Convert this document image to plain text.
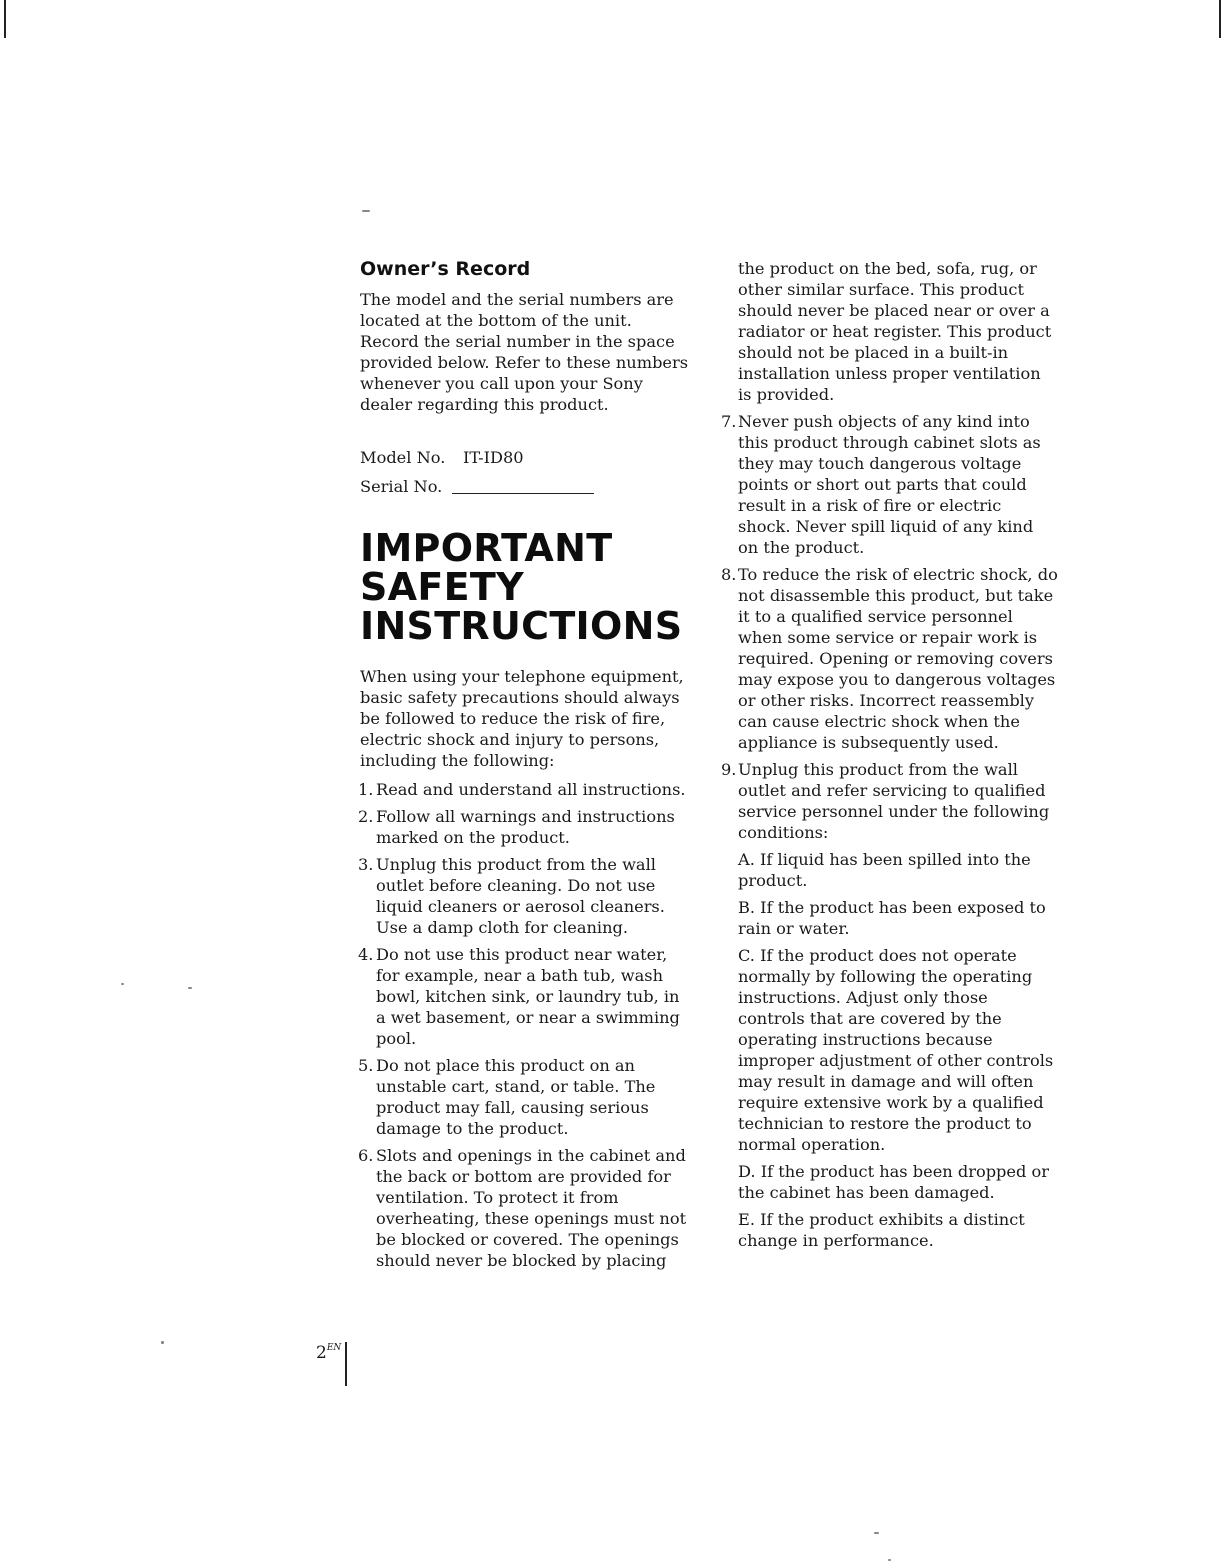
Owner’s Record

The model and the serial numbers are located at the bottom of the unit. Record the serial number in the space provided below. Refer to these numbers whenever you call upon your Sony dealer regarding this product.

Model No. IT-ID80
Serial No.
IMPORTANT
SAFETY
INSTRUCTIONS

When using your telephone equipment, basic safety precautions should always be followed to reduce the risk of fire, electric shock and injury to persons, including the following:

1. Read and understand all instructions.
2. Follow all warnings and instructions marked on the product.
3. Unplug this product from the wall outlet before cleaning. Do not use liquid cleaners or aerosol cleaners. Use a damp cloth for cleaning.
4. Do not use this product near water, for example, near a bath tub, wash bowl, kitchen sink, or laundry tub, in a wet basement, or near a swimming pool.
5. Do not place this product on an unstable cart, stand, or table. The product may fall, causing serious damage to the product.
6. Slots and openings in the cabinet and the back or bottom are provided for ventilation. To protect it from overheating, these openings must not be blocked or covered. The openings should never be blocked by placing

the product on the bed, sofa, rug, or other similar surface. This product should never be placed near or over a radiator or heat register. This product should not be placed in a built-in installation unless proper ventilation is provided.

7. Never push objects of any kind into this product through cabinet slots as they may touch dangerous voltage points or short out parts that could result in a risk of fire or electric shock. Never spill liquid of any kind on the product.
8. To reduce the risk of electric shock, do not disassemble this product, but take it to a qualified service personnel when some service or repair work is required. Opening or removing covers may expose you to dangerous voltages or other risks. Incorrect reassembly can cause electric shock when the appliance is subsequently used.
9. Unplug this product from the wall outlet and refer servicing to qualified service personnel under the following conditions:

A. If liquid has been spilled into the product.

B. If the product has been exposed to rain or water.

C. If the product does not operate normally by following the operating instructions. Adjust only those controls that are covered by the operating instructions because improper adjustment of other controls may result in damage and will often require extensive work by a qualified technician to restore the product to normal operation.

D. If the product has been dropped or the cabinet has been damaged.

E. If the product exhibits a distinct change in performance.

$2^{EN}$
